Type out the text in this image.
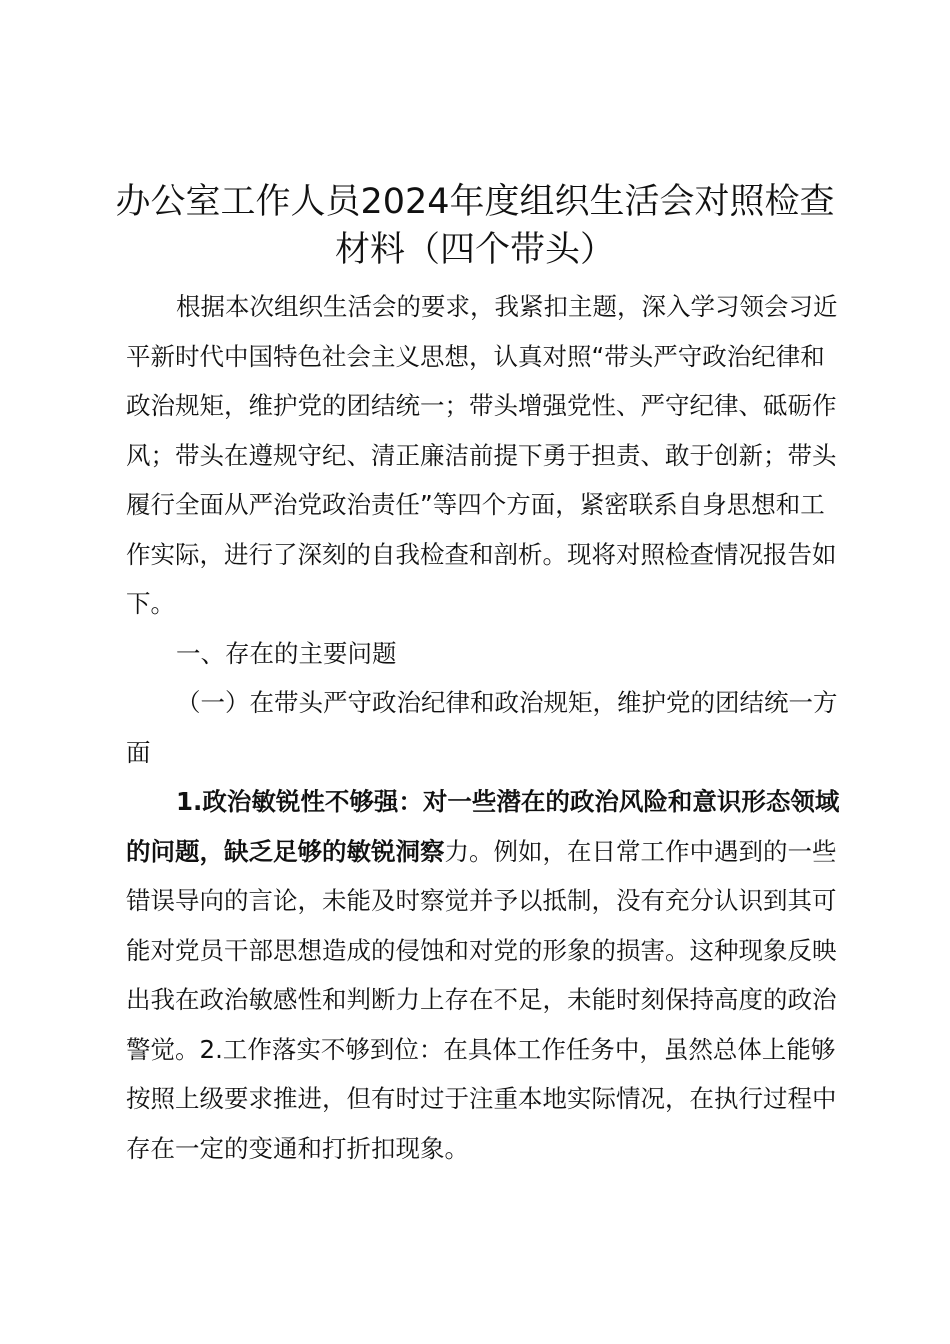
办公室工作人员2024年度组织生活会对照检查材料（四个带头）

根据本次组织生活会的要求，我紧扣主题，深入学习领会习近平新时代中国特色社会主义思想，认真对照“带头严守政治纪律和政治规矩，维护党的团结统一；带头增强党性、严守纪律、砥砺作风；带头在遵规守纪、清正廉洁前提下勇于担责、敢于创新；带头履行全面从严治党政治责任”等四个方面，紧密联系自身思想和工作实际，进行了深刻的自我检查和剖析。现将对照检查情况报告如下。

一、存在的主要问题

（一）在带头严守政治纪律和政治规矩，维护党的团结统一方面

1.政治敏锐性不够强：对一些潜在的政治风险和意识形态领域的问题，缺乏足够的敏锐洞察力。例如，在日常工作中遇到的一些错误导向的言论，未能及时察觉并予以抵制，没有充分认识到其可能对党员干部思想造成的侵蚀和对党的形象的损害。这种现象反映出我在政治敏感性和判断力上存在不足，未能时刻保持高度的政治警觉。2.工作落实不够到位：在具体工作任务中，虽然总体上能够按照上级要求推进，但有时过于注重本地实际情况，在执行过程中存在一定的变通和打折扣现象。
